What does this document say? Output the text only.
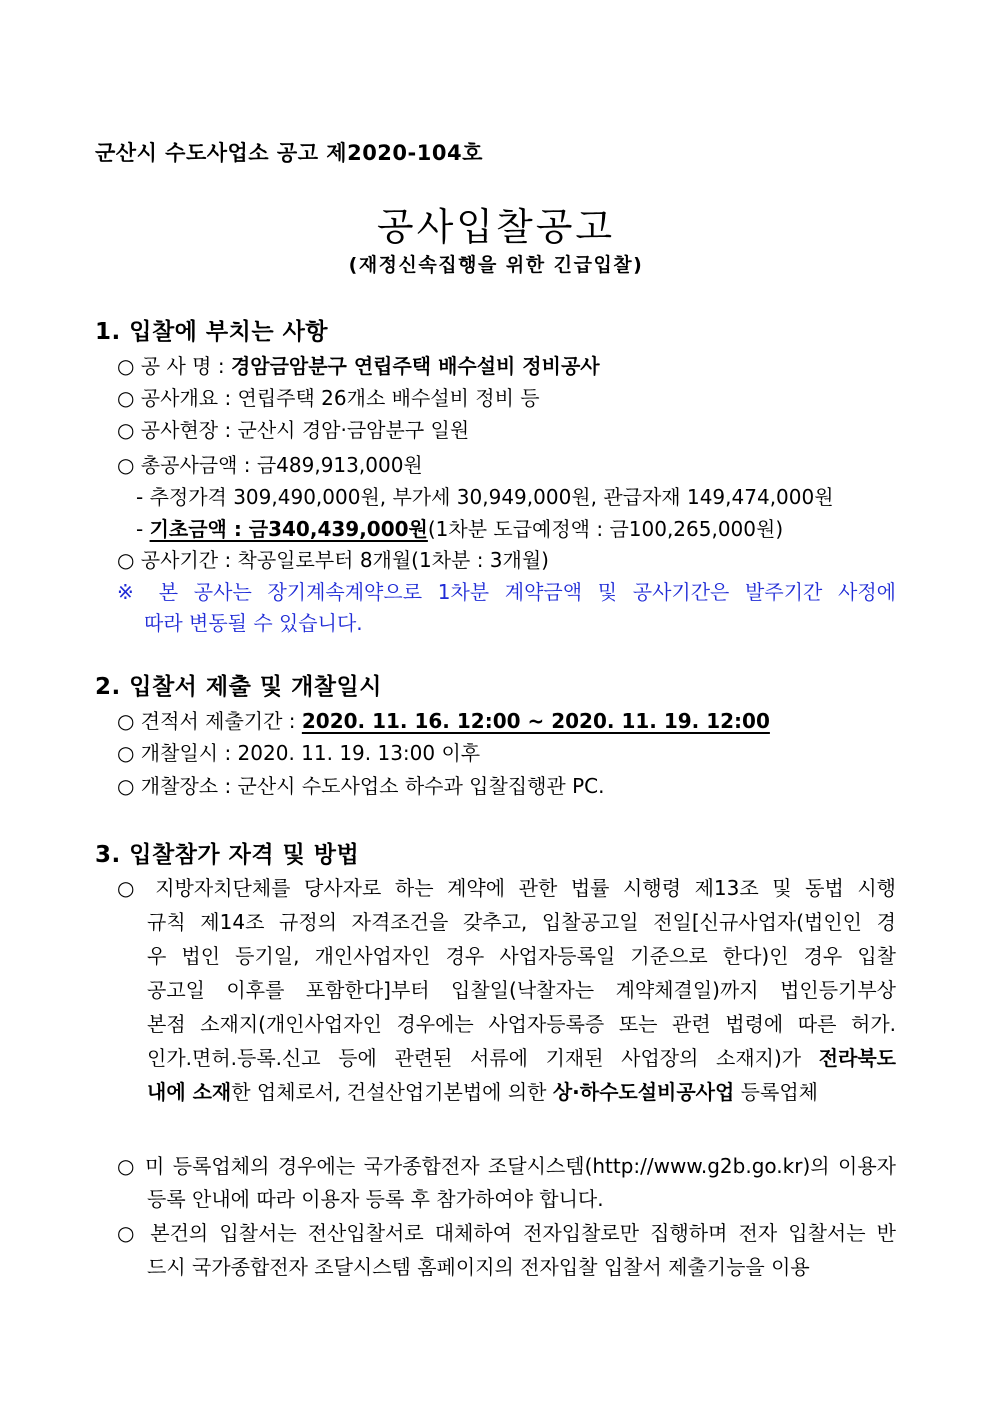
군산시 수도사업소 공고 제2020-104호
공사입찰공고
(재정신속집행을 위한 긴급입찰)
1. 입찰에 부치는 사항
○ 공 사 명 : 경암금암분구 연립주택 배수설비 정비공사
○ 공사개요 : 연립주택 26개소 배수설비 정비 등
○ 공사현장 : 군산시 경암·금암분구 일원
○ 총공사금액 : 금489,913,000원
- 추정가격 309,490,000원, 부가세 30,949,000원, 관급자재 149,474,000원
- 기초금액 : 금340,439,000원(1차분 도급예정액 : 금100,265,000원)
○ 공사기간 : 착공일로부터 8개월(1차분 : 3개월)
※ 본 공사는 장기계속계약으로 1차분 계약금액 및 공사기간은 발주기간 사정에
따라 변동될 수 있습니다.
2. 입찰서 제출 및 개찰일시
○ 견적서 제출기간 : 2020. 11. 16. 12:00 ~ 2020. 11. 19. 12:00
○ 개찰일시 : 2020. 11. 19. 13:00 이후
○ 개찰장소 : 군산시 수도사업소 하수과 입찰집행관 PC.
3. 입찰참가 자격 및 방법
○ 지방자치단체를 당사자로 하는 계약에 관한 법률 시행령 제13조 및 동법 시행
규칙 제14조 규정의 자격조건을 갖추고, 입찰공고일 전일[신규사업자(법인인 경
우 법인 등기일, 개인사업자인 경우 사업자등록일 기준으로 한다)인 경우 입찰
공고일 이후를 포함한다]부터 입찰일(낙찰자는 계약체결일)까지 법인등기부상
본점 소재지(개인사업자인 경우에는 사업자등록증 또는 관련 법령에 따른 허가.
인가.면허.등록.신고 등에 관련된 서류에 기재된 사업장의 소재지)가 전라북도
내에 소재한 업체로서, 건설산업기본법에 의한 상·하수도설비공사업 등록업체
○ 미 등록업체의 경우에는 국가종합전자 조달시스템(http://www.g2b.go.kr)의 이용자
등록 안내에 따라 이용자 등록 후 참가하여야 합니다.
○ 본건의 입찰서는 전산입찰서로 대체하여 전자입찰로만 집행하며 전자 입찰서는 반
드시 국가종합전자 조달시스템 홈페이지의 전자입찰 입찰서 제출기능을 이용
